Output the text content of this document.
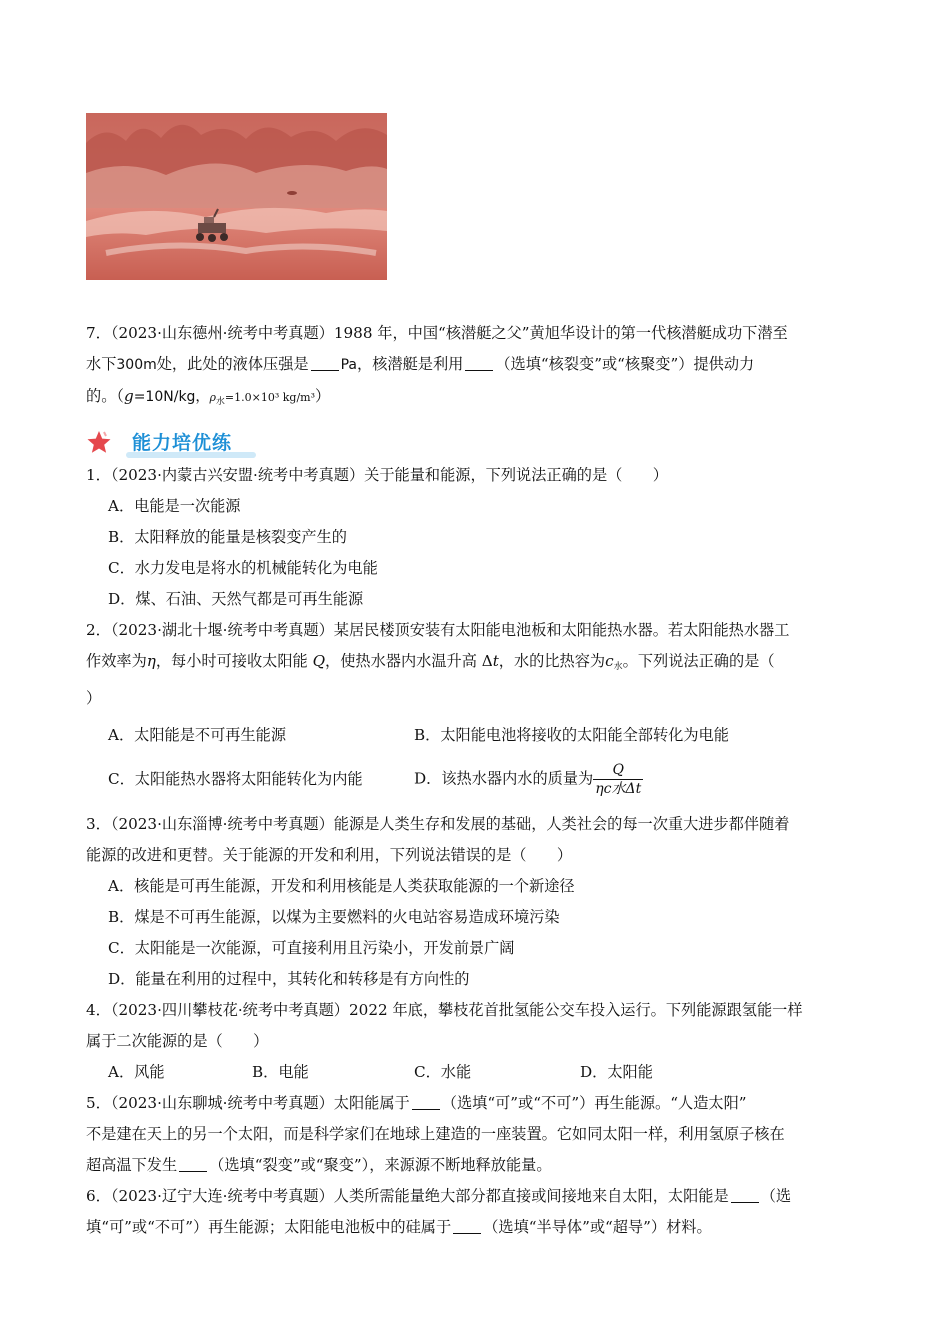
7．（2023·山东德州·统考中考真题）1988 年，中国“核潜艇之父”黄旭华设计的第一代核潜艇成功下潜至
水下300m处，此处的液体压强是 Pa，核潜艇是利用 （选填“核裂变”或“核聚变”）提供动力
的。（g=10N/kg，$\rho_水=1.0\times 10^3$ kg/m³）

能力培优练

1．（2023·内蒙古兴安盟·统考中考真题）关于能量和能源，下列说法正确的是（　　）

A．电能是一次能源

B．太阳释放的能量是核裂变产生的

C．水力发电是将水的机械能转化为电能

D．煤、石油、天然气都是可再生能源

2．（2023·湖北十堰·统考中考真题）某居民楼顶安装有太阳能电池板和太阳能热水器。若太阳能热水器工
作效率为η，每小时可接收太阳能 Q，使热水器内水温升高 Δt，水的比热容为$c_水$。下列说法正确的是（
）

A．太阳能是不可再生能源	B．太阳能电池将接收的太阳能全部转化为电能
C．太阳能热水器将太阳能转化为内能	D．该热水器内水的质量为 $\frac{Q}{\text{ηc水Δt}}$

3．（2023·山东淄博·统考中考真题）能源是人类生存和发展的基础，人类社会的每一次重大进步都伴随着
能源的改进和更替。关于能源的开发和利用，下列说法错误的是（　　）

A．核能是可再生能源，开发和利用核能是人类获取能源的一个新途径

B．煤是不可再生能源，以煤为主要燃料的火电站容易造成环境污染

C．太阳能是一次能源，可直接利用且污染小，开发前景广阔

D．能量在利用的过程中，其转化和转移是有方向性的

4．（2023·四川攀枝花·统考中考真题）2022 年底，攀枝花首批氢能公交车投入运行。下列能源跟氢能一样
属于二次能源的是（　　）

A．风能	B．电能	C．水能	D．太阳能

5．（2023·山东聊城·统考中考真题）太阳能属于 （选填“可”或“不可”）再生能源。“人造太阳”
不是建在天上的另一个太阳，而是科学家们在地球上建造的一座装置。它如同太阳一样，利用氢原子核在
超高温下发生 （选填“裂变”或“聚变”），来源源不断地释放能量。

6．（2023·辽宁大连·统考中考真题）人类所需能量绝大部分都直接或间接地来自太阳，太阳能是 （选
填“可”或“不可”）再生能源；太阳能电池板中的硅属于 （选填“半导体”或“超导”）材料。
